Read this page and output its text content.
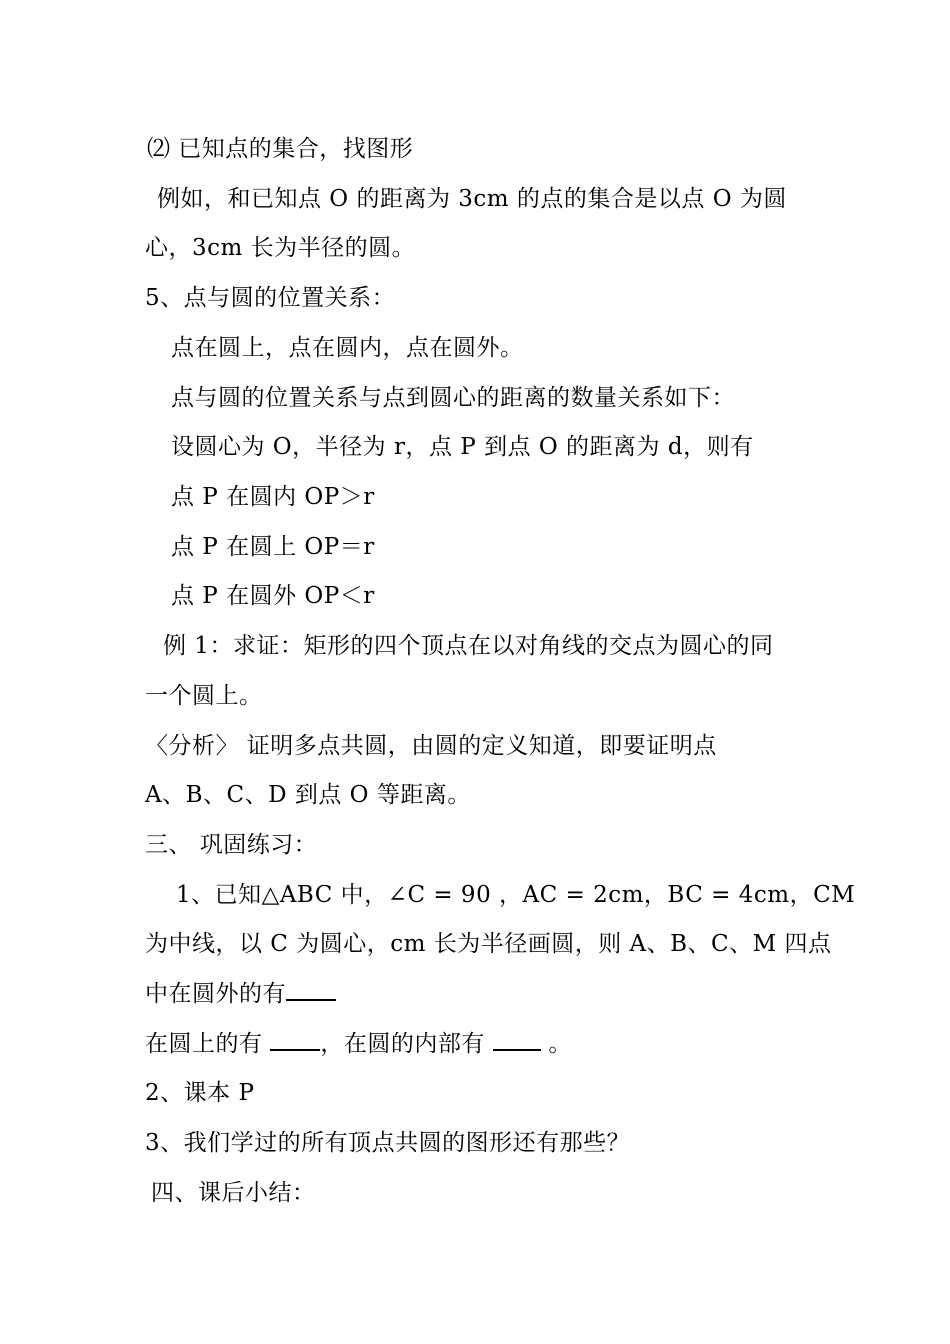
⑵ 已知点的集合，找图形
例如，和已知点 O 的距离为 3cm 的点的集合是以点 O 为圆
心，3cm 长为半径的圆。
5、点与圆的位置关系：
点在圆上，点在圆内，点在圆外。
点与圆的位置关系与点到圆心的距离的数量关系如下：
设圆心为 O，半径为 r，点 P 到点 O 的距离为 d，则有
点 P 在圆内 OP＞r
点 P 在圆上 OP＝r
点 P 在圆外 OP＜r
例 1：求证：矩形的四个顶点在以对角线的交点为圆心的同
一个圆上。
〈分析〉 证明多点共圆，由圆的定义知道，即要证明点
A、B、C、D 到点 O 等距离。
三、 巩固练习：
1、已知△ABC 中，∠C = 90 ，AC = 2cm，BC = 4cm，CM
为中线，以 C 为圆心，cm 长为半径画圆，则 A、B、C、M 四点
中在圆外的有
在圆上的有 ，在圆的内部有  。
2、课本 P
3、我们学过的所有顶点共圆的图形还有那些？
四、课后小结：
